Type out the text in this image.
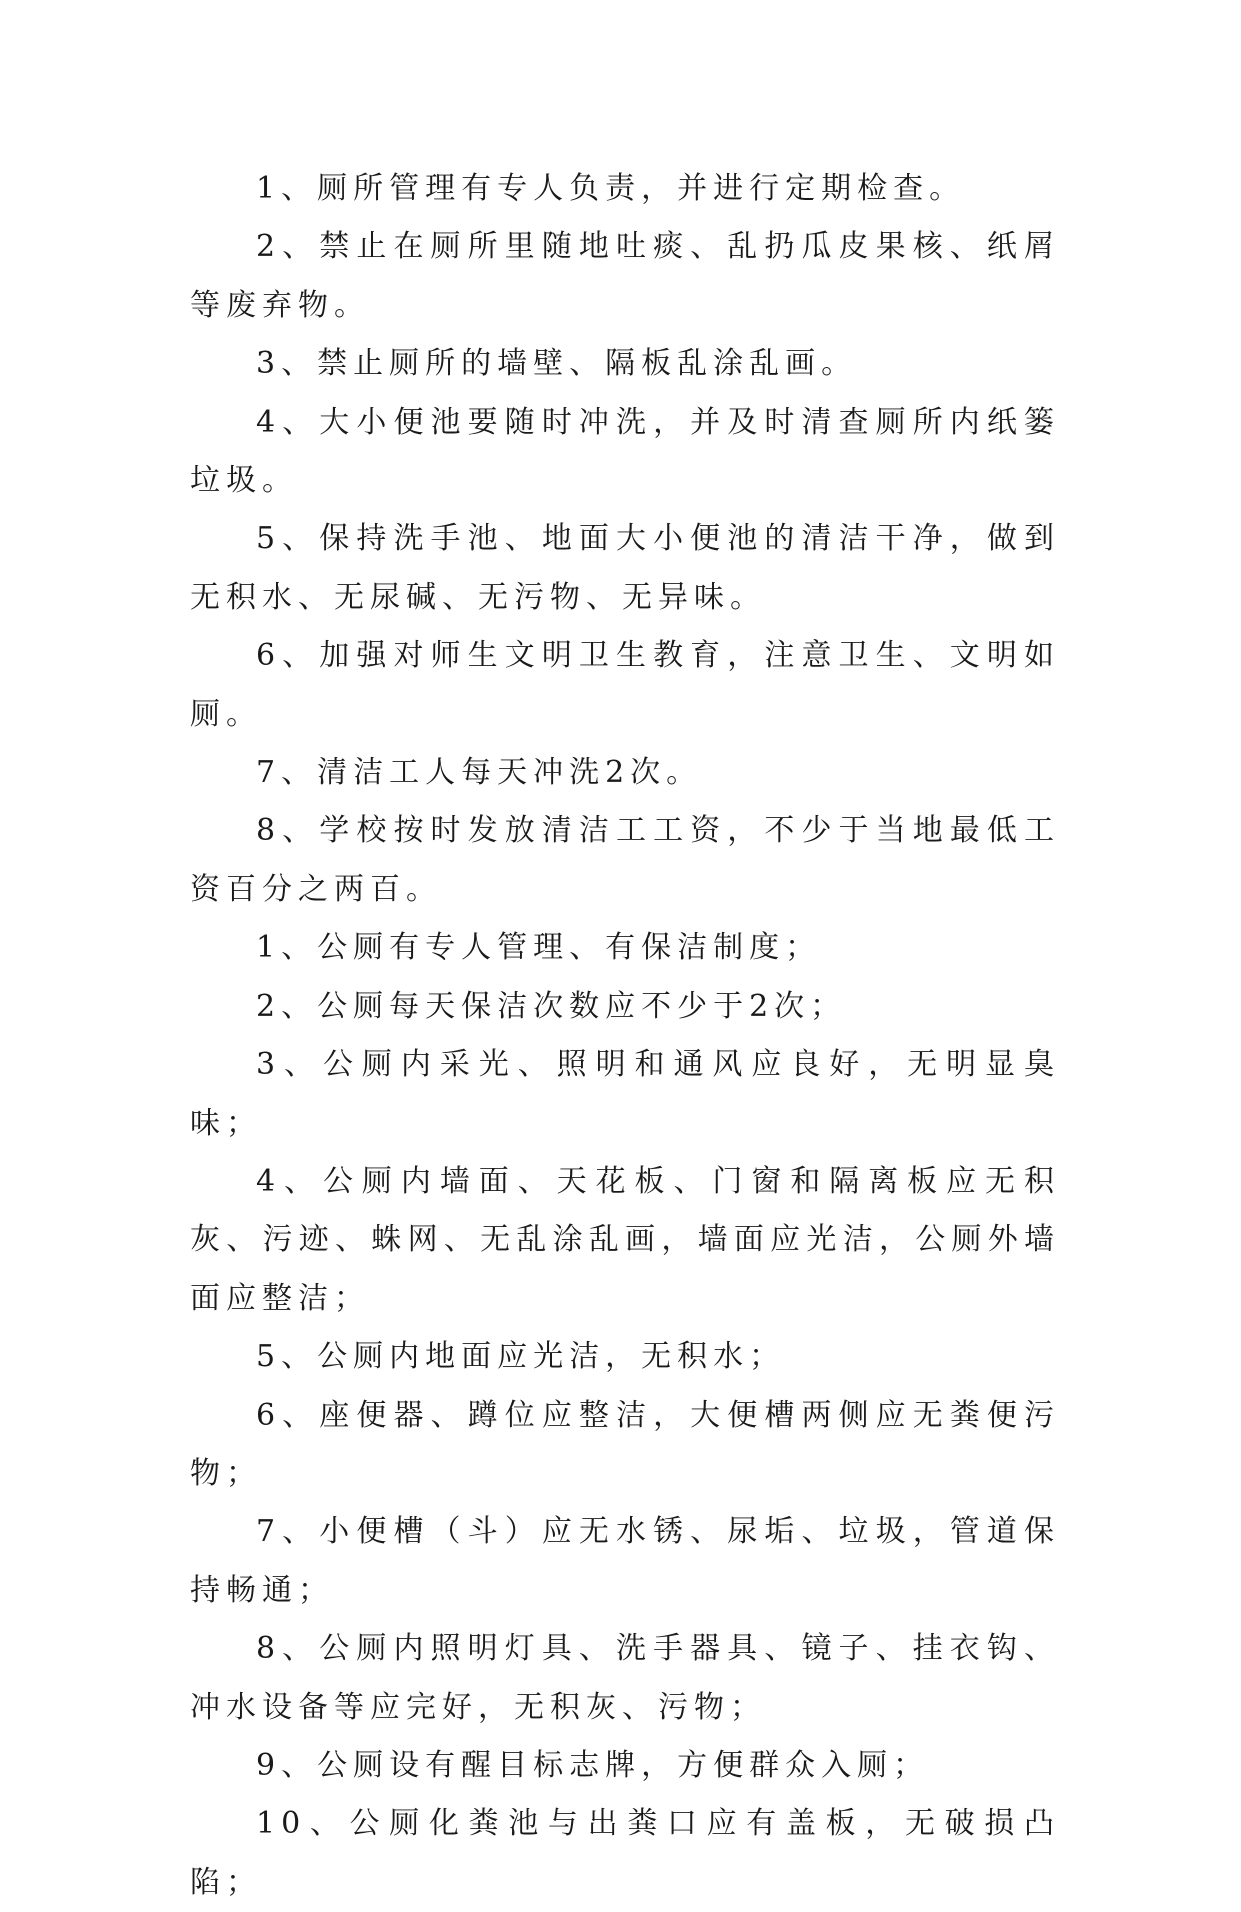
1、厕所管理有专人负责，并进行定期检查。

2、禁止在厕所里随地吐痰、乱扔瓜皮果核、纸屑等废弃物。

3、禁止厕所的墙壁、隔板乱涂乱画。

4、大小便池要随时冲洗，并及时清查厕所内纸篓垃圾。

5、保持洗手池、地面大小便池的清洁干净，做到无积水、无尿碱、无污物、无异味。

6、加强对师生文明卫生教育，注意卫生、文明如厕。

7、清洁工人每天冲洗2次。

8、学校按时发放清洁工工资，不少于当地最低工资百分之两百。

1、公厕有专人管理、有保洁制度；

2、公厕每天保洁次数应不少于2次；

3、公厕内采光、照明和通风应良好，无明显臭味；

4、公厕内墙面、天花板、门窗和隔离板应无积灰、污迹、蛛网、无乱涂乱画，墙面应光洁，公厕外墙面应整洁；

5、公厕内地面应光洁，无积水；

6、座便器、蹲位应整洁，大便槽两侧应无粪便污物；

7、小便槽（斗）应无水锈、尿垢、垃圾，管道保持畅通；

8、公厕内照明灯具、洗手器具、镜子、挂衣钩、冲水设备等应完好，无积灰、污物；

9、公厕设有醒目标志牌，方便群众入厕；

10、公厕化粪池与出粪口应有盖板，无破损凸陷；
